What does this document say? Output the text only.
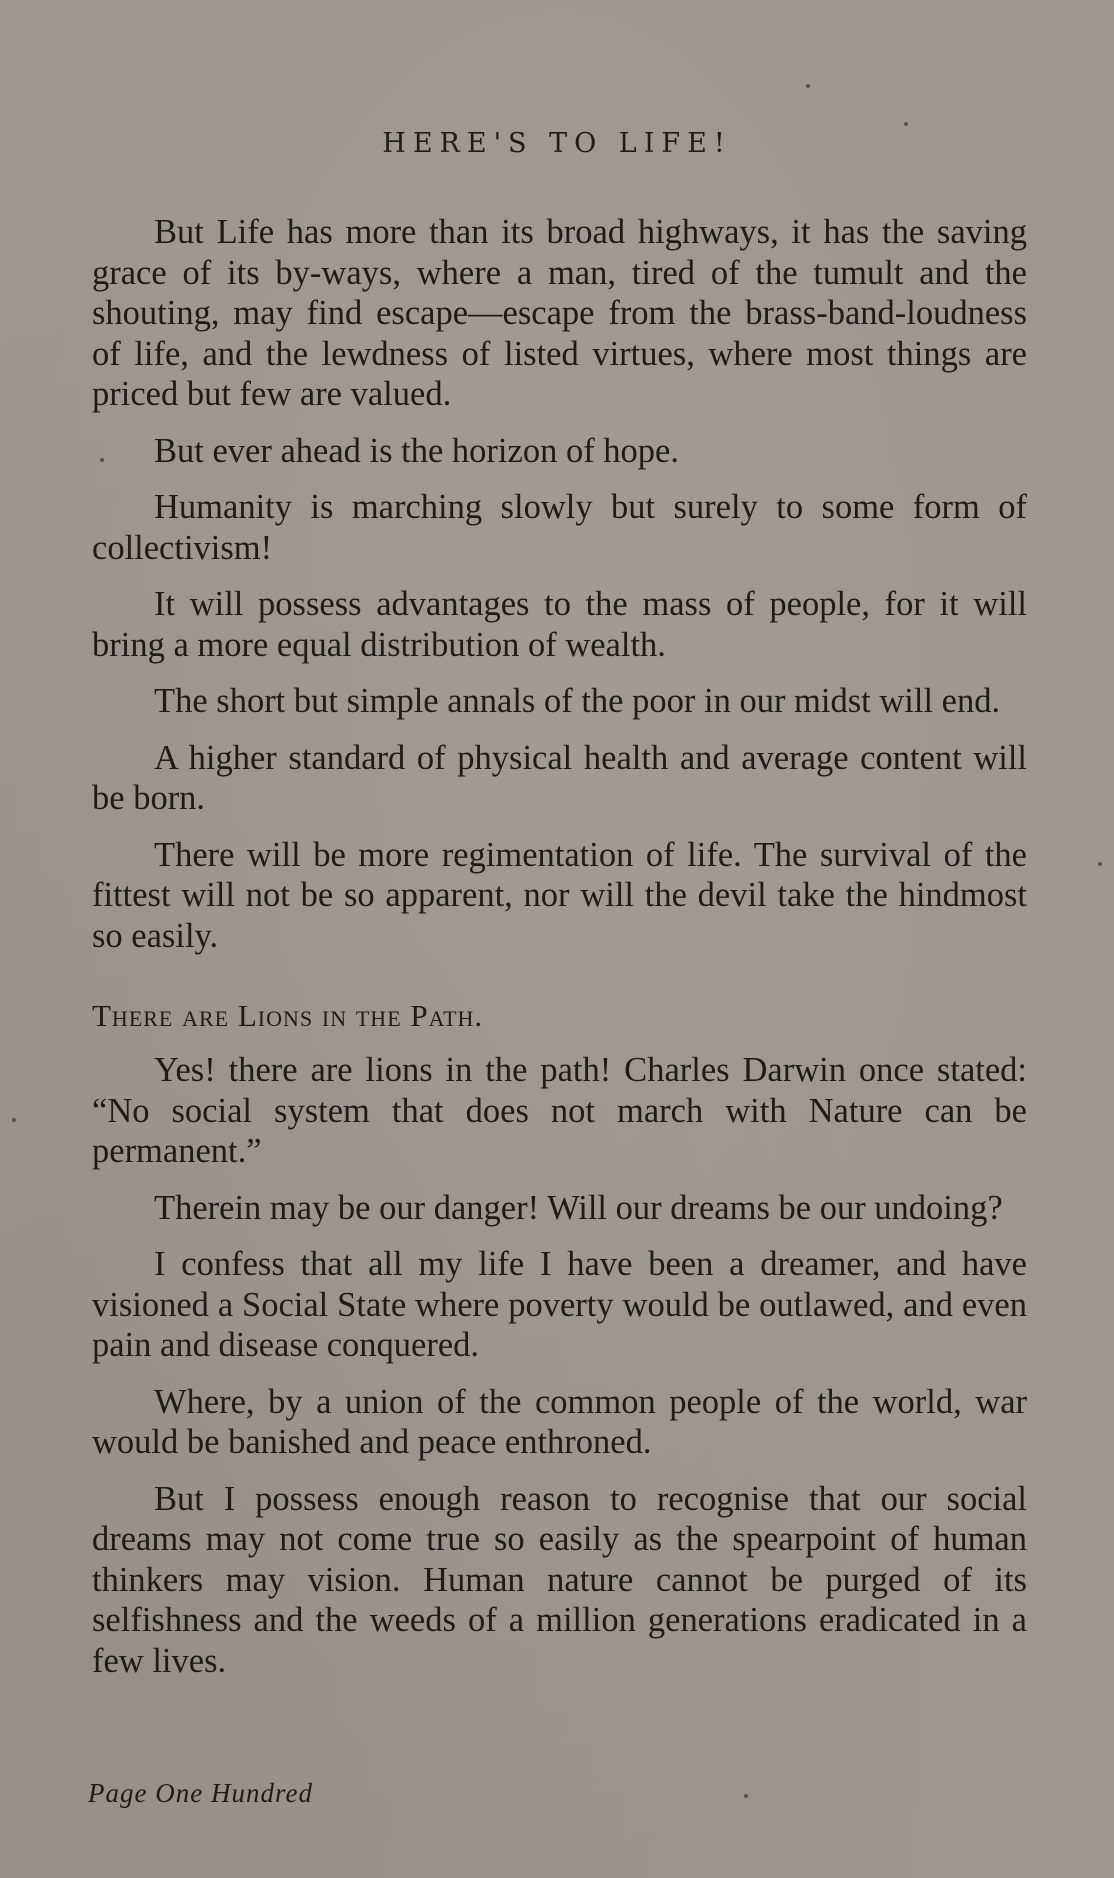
HERE'S TO LIFE!

But Life has more than its broad highways, it has the saving grace of its by-ways, where a man, tired of the tumult and the shouting, may find escape—escape from the brass-band-loudness of life, and the lewdness of listed virtues, where most things are priced but few are valued.

But ever ahead is the horizon of hope.

Humanity is marching slowly but surely to some form of collectivism!

It will possess advantages to the mass of people, for it will bring a more equal distribution of wealth.

The short but simple annals of the poor in our midst will end.

A higher standard of physical health and average content will be born.

There will be more regimentation of life. The survival of the fittest will not be so apparent, nor will the devil take the hindmost so easily.

There are Lions in the Path.

Yes! there are lions in the path! Charles Darwin once stated: “No social system that does not march with Nature can be permanent.”

Therein may be our danger! Will our dreams be our undoing?

I confess that all my life I have been a dreamer, and have visioned a Social State where poverty would be outlawed, and even pain and disease conquered.

Where, by a union of the common people of the world, war would be banished and peace enthroned.

But I possess enough reason to recognise that our social dreams may not come true so easily as the spearpoint of human thinkers may vision. Human nature cannot be purged of its selfishness and the weeds of a million generations eradicated in a few lives.

Page One Hundred
